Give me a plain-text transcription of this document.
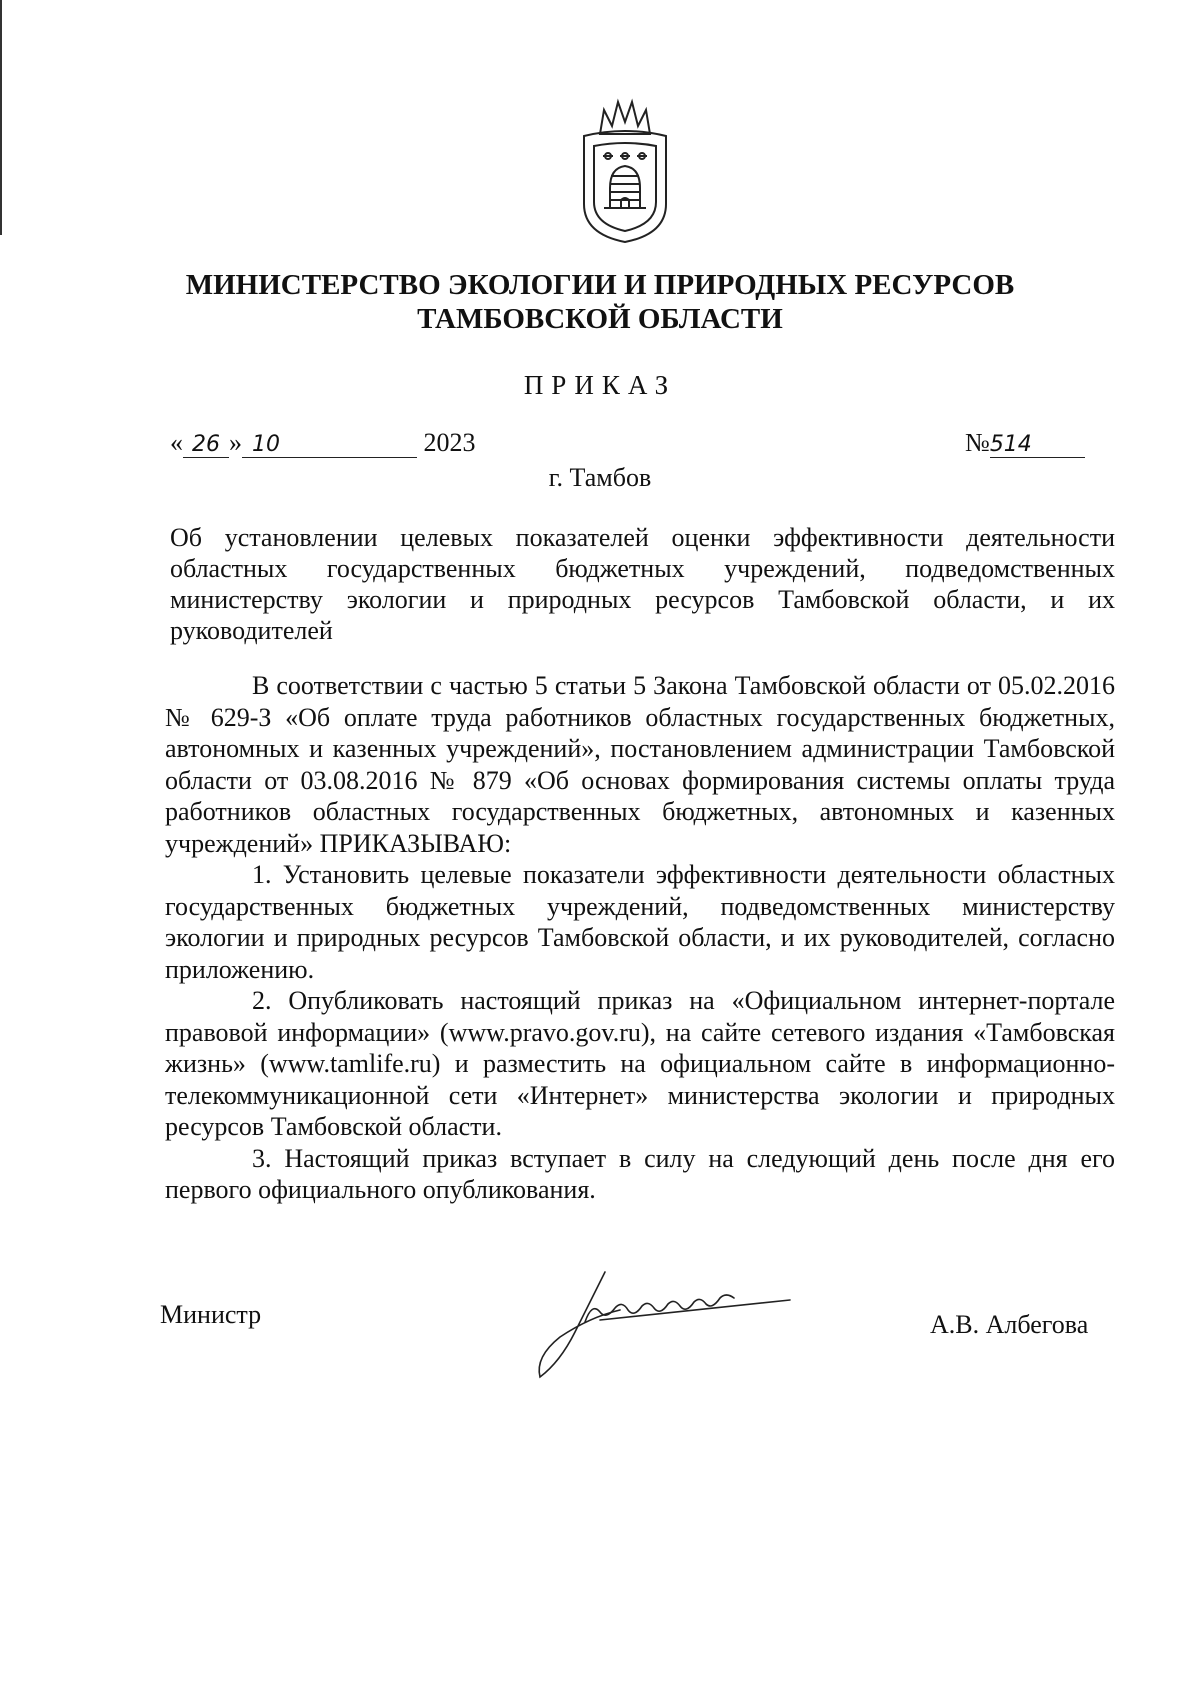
МИНИСТЕРСТВО ЭКОЛОГИИ И ПРИРОДНЫХ РЕСУРСОВ
ТАМБОВСКОЙ ОБЛАСТИ
ПРИКАЗ
« 26 » 10	2023	№514
г. Тамбов
Об установлении целевых показателей оценки эффективности деятельности областных государственных бюджетных учреждений, подведомственных министерству экологии и природных ресурсов Тамбовской области, и их руководителей

В соответствии с частью 5 статьи 5 Закона Тамбовской области от 05.02.2016 № 629-З «Об оплате труда работников областных государственных бюджетных, автономных и казенных учреждений», постановлением администрации Тамбовской области от 03.08.2016 № 879 «Об основах формирования системы оплаты труда работников областных государственных бюджетных, автономных и казенных учреждений» ПРИКАЗЫВАЮ:

1. Установить целевые показатели эффективности деятельности областных государственных бюджетных учреждений, подведомственных министерству экологии и природных ресурсов Тамбовской области, и их руководителей, согласно приложению.

2. Опубликовать настоящий приказ на «Официальном интернет-портале правовой информации» (www.pravo.gov.ru), на сайте сетевого издания «Тамбовская жизнь» (www.tamlife.ru) и разместить на официальном сайте в информационно-телекоммуникационной сети «Интернет» министерства экологии и природных ресурсов Тамбовской области.

3. Настоящий приказ вступает в силу на следующий день после дня его первого официального опубликования.

Министр	А.В. Албегова
